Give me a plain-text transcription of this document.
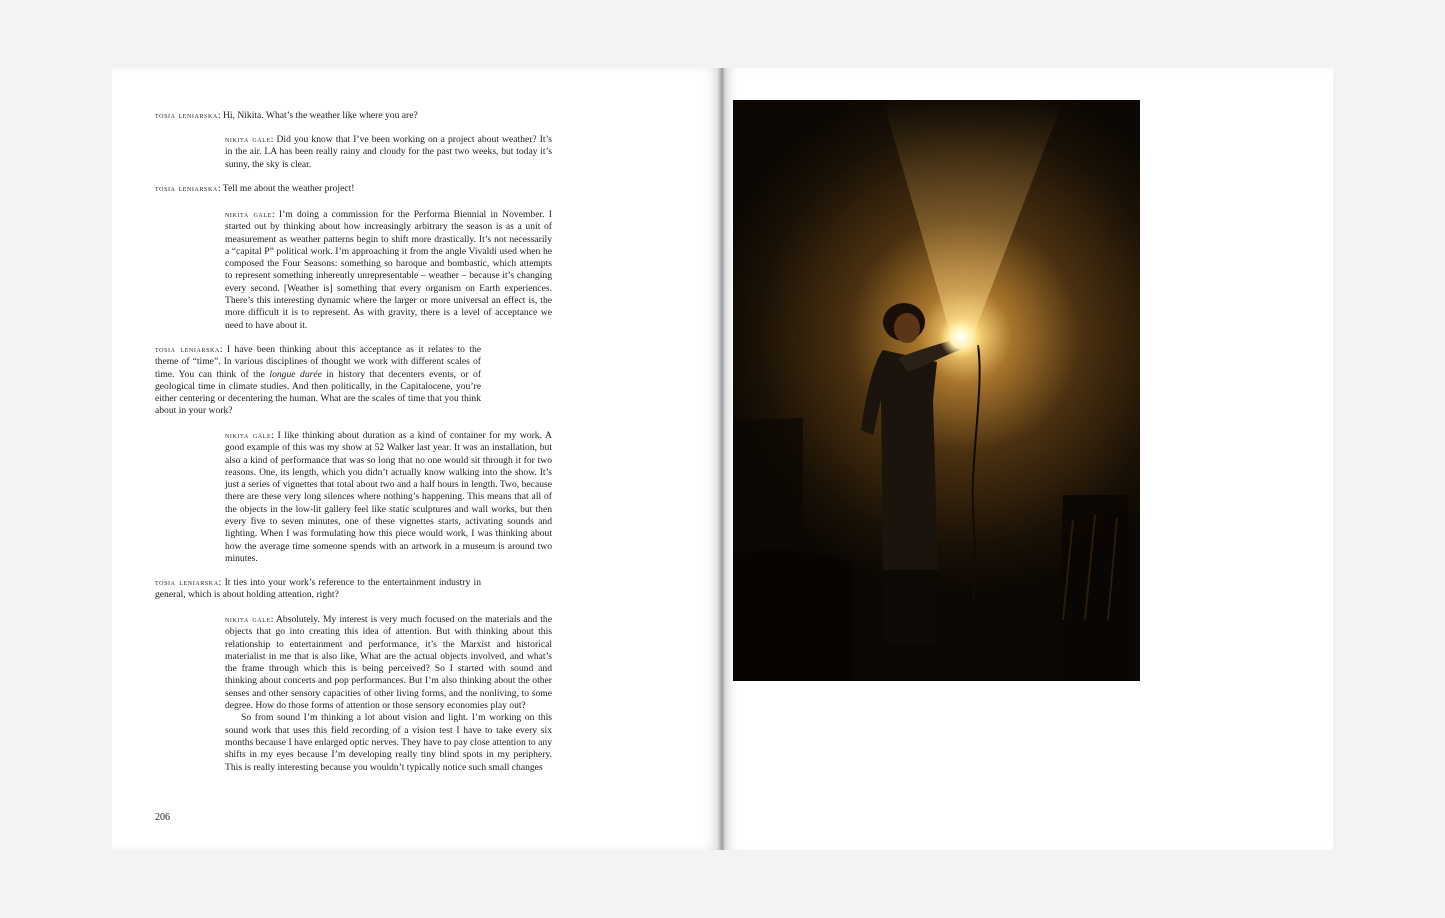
tosia leniarska: Hi, Nikita. What’s the weather like where you are?

nikita gale: Did you know that I’ve been working on a project about weather? It’s in the air. LA has been really rainy and cloudy for the past two weeks, but today it’s sunny, the sky is clear.

tosia leniarska: Tell me about the weather project!

nikita gale: I’m doing a commission for the Performa Biennial in November. I started out by thinking about how increasingly arbitrary the season is as a unit of measurement as weather patterns begin to shift more drastically. It’s not necessarily a “capital P” political work. I’m approaching it from the angle Vivaldi used when he composed the Four Seasons: something so baroque and bombastic, which attempts to represent something inherently unrepresentable – weather – because it’s changing every second. [Weather is] something that every organism on Earth experiences. There’s this interesting dynamic where the larger or more universal an effect is, the more difficult it is to represent. As with gravity, there is a level of acceptance we need to have about it.

tosia leniarska: I have been thinking about this acceptance as it relates to the theme of “time”. In various disciplines of thought we work with different scales of time. You can think of the longue durée in history that decenters events, or of geological time in climate studies. And then politically, in the Capitalocene, you’re either centering or decentering the human. What are the scales of time that you think about in your work?

nikita gale: I like thinking about duration as a kind of container for my work. A good example of this was my show at 52 Walker last year. It was an installation, but also a kind of performance that was so long that no one would sit through it for two reasons. One, its length, which you didn’t actually know walking into the show. It’s just a series of vignettes that total about two and a half hours in length. Two, because there are these very long silences where nothing’s happening. This means that all of the objects in the low-lit gallery feel like static sculptures and wall works, but then every five to seven minutes, one of these vignettes starts, activating sounds and lighting. When I was formulating how this piece would work, I was thinking about how the average time someone spends with an artwork in a museum is around two minutes.

tosia leniarska: It ties into your work’s reference to the entertainment industry in general, which is about holding attention, right?

nikita gale: Absolutely. My interest is very much focused on the materials and the objects that go into creating this idea of attention. But with thinking about this relationship to entertainment and performance, it’s the Marxist and historical materialist in me that is also like, What are the actual objects involved, and what’s the frame through which this is being perceived? So I started with sound and thinking about concerts and pop performances. But I’m also thinking about the other senses and other sensory capacities of other living forms, and the nonliving, to some degree. How do those forms of attention or those sensory economies play out?

So from sound I’m thinking a lot about vision and light. I’m working on this sound work that uses this field recording of a vision test I have to take every six months because I have enlarged optic nerves. They have to pay close attention to any shifts in my eyes because I’m developing really tiny blind spots in my periphery. This is really interesting because you wouldn’t typically notice such small changes

206
